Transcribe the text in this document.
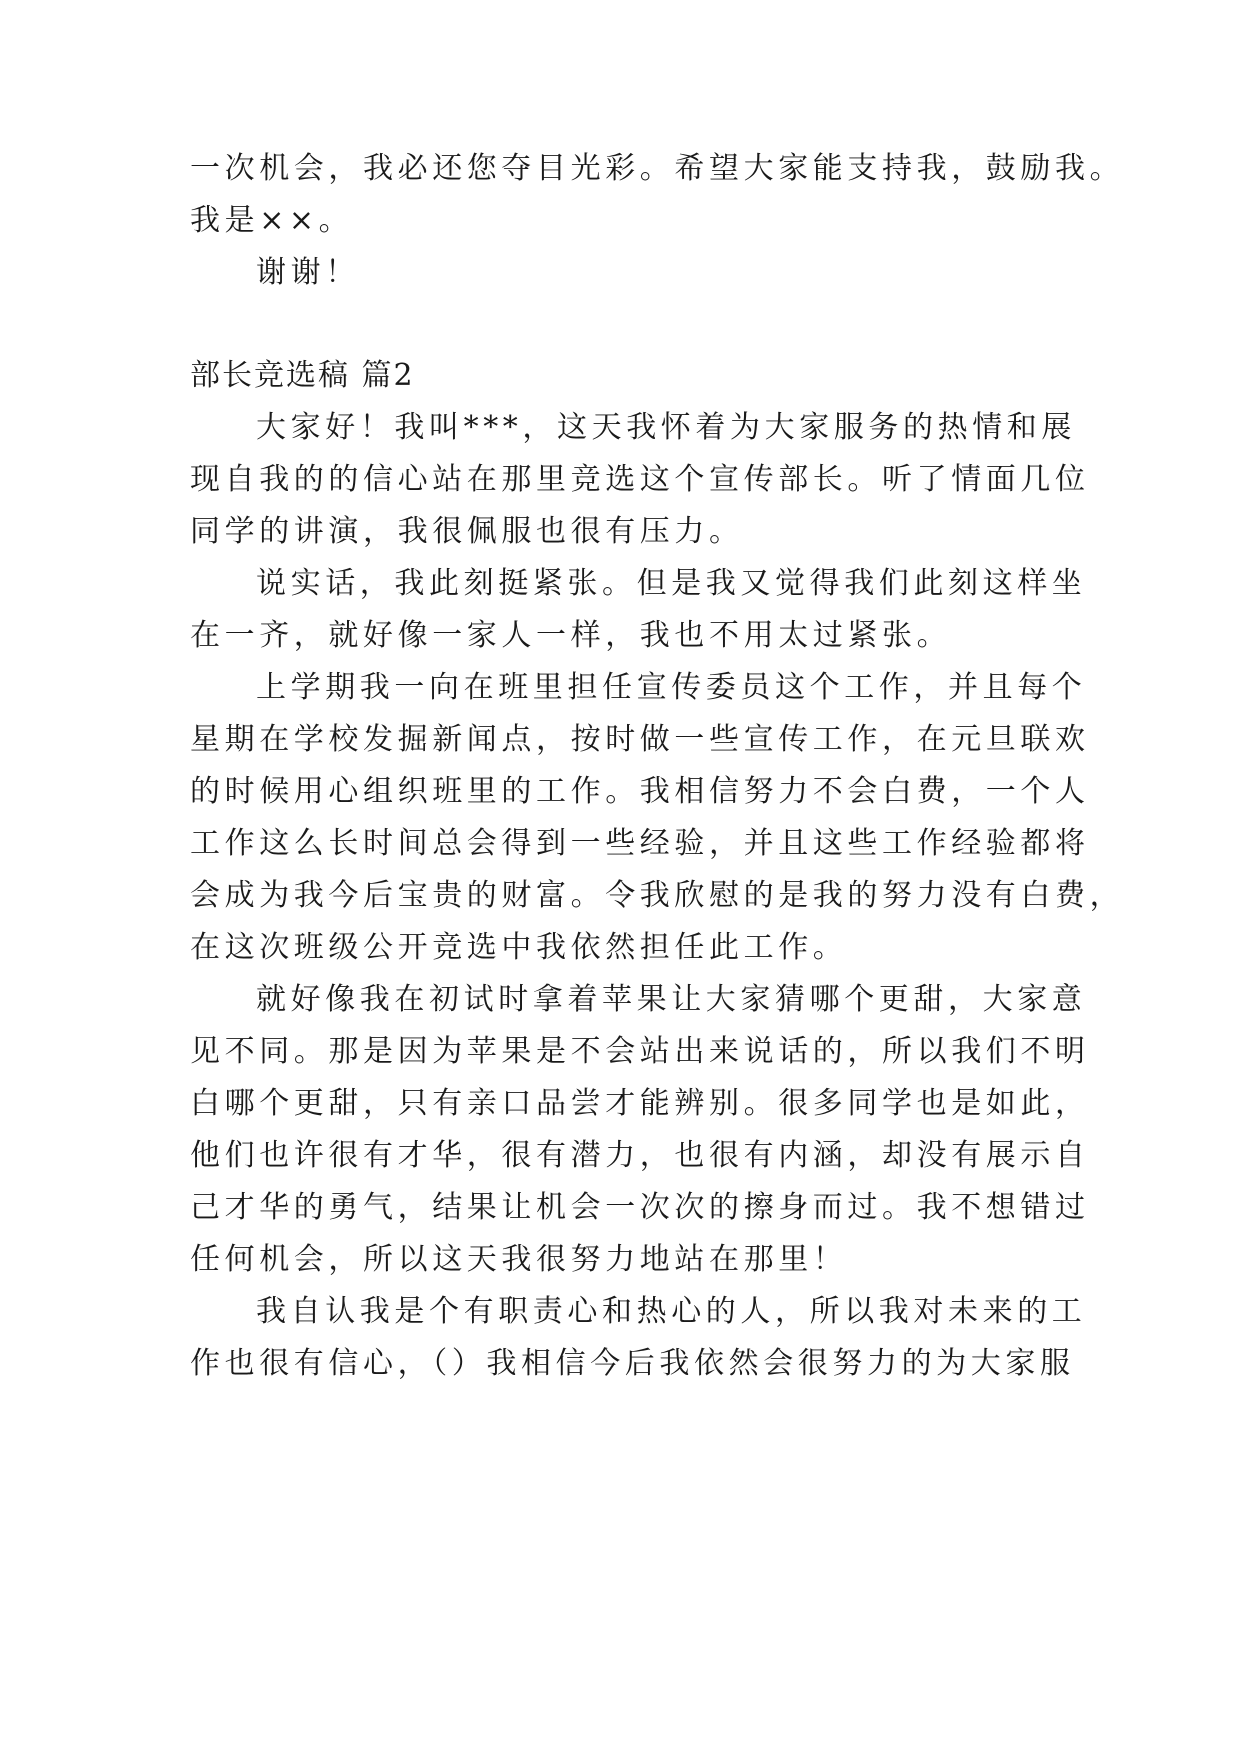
一次机会，我必还您夺目光彩。希望大家能支持我，鼓励我。
我是××。
谢谢！
部长竞选稿 篇2
大家好！我叫***，这天我怀着为大家服务的热情和展
现自我的的信心站在那里竞选这个宣传部长。听了情面几位
同学的讲演，我很佩服也很有压力。
说实话，我此刻挺紧张。但是我又觉得我们此刻这样坐
在一齐，就好像一家人一样，我也不用太过紧张。
上学期我一向在班里担任宣传委员这个工作，并且每个
星期在学校发掘新闻点，按时做一些宣传工作，在元旦联欢
的时候用心组织班里的工作。我相信努力不会白费，一个人
工作这么长时间总会得到一些经验，并且这些工作经验都将
会成为我今后宝贵的财富。令我欣慰的是我的努力没有白费，
在这次班级公开竞选中我依然担任此工作。
就好像我在初试时拿着苹果让大家猜哪个更甜，大家意
见不同。那是因为苹果是不会站出来说话的，所以我们不明
白哪个更甜，只有亲口品尝才能辨别。很多同学也是如此，
他们也许很有才华，很有潜力，也很有内涵，却没有展示自
己才华的勇气，结果让机会一次次的擦身而过。我不想错过
任何机会，所以这天我很努力地站在那里！
我自认我是个有职责心和热心的人，所以我对未来的工
作也很有信心，（）我相信今后我依然会很努力的为大家服
